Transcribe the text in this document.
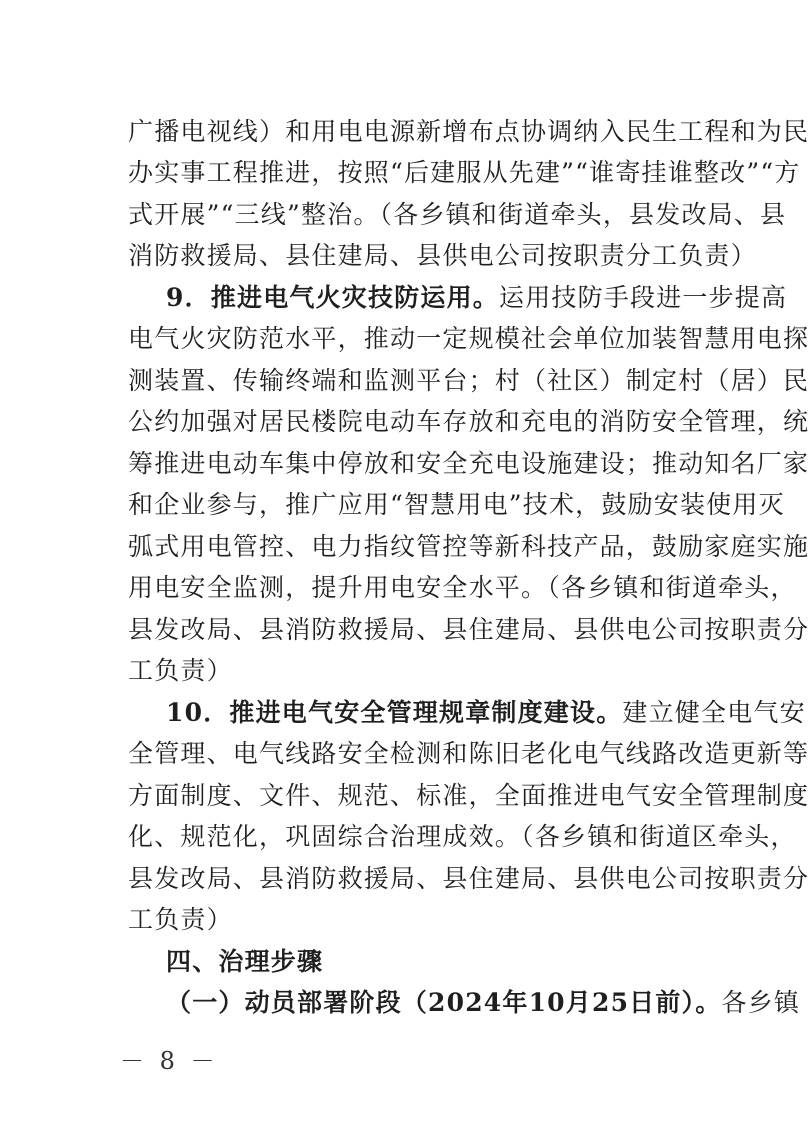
广播电视线）和用电电源新增布点协调纳入民生工程和为民
办实事工程推进，按照“后建服从先建”“谁寄挂谁整改”“方
式开展”“三线”整治。（各乡镇和街道牵头，县发改局、县
消防救援局、县住建局、县供电公司按职责分工负责）
9．推进电气火灾技防运用。运用技防手段进一步提高
电气火灾防范水平，推动一定规模社会单位加装智慧用电探
测装置、传输终端和监测平台；村（社区）制定村（居）民
公约加强对居民楼院电动车存放和充电的消防安全管理，统
筹推进电动车集中停放和安全充电设施建设；推动知名厂家
和企业参与，推广应用“智慧用电”技术，鼓励安装使用灭
弧式用电管控、电力指纹管控等新科技产品，鼓励家庭实施
用电安全监测，提升用电安全水平。（各乡镇和街道牵头，
县发改局、县消防救援局、县住建局、县供电公司按职责分
工负责）
10．推进电气安全管理规章制度建设。建立健全电气安
全管理、电气线路安全检测和陈旧老化电气线路改造更新等
方面制度、文件、规范、标准，全面推进电气安全管理制度
化、规范化，巩固综合治理成效。（各乡镇和街道区牵头，
县发改局、县消防救援局、县住建局、县供电公司按职责分
工负责）
四、治理步骤
（一）动员部署阶段（2024年10月25日前）。各乡镇
－ 8 －
